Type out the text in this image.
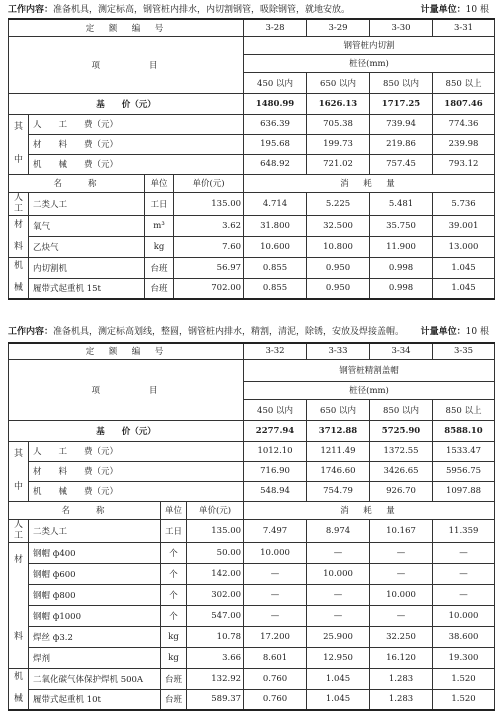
工作内容：准备机具，测定标高，钢管桩内排水，内切割钢管，吸除钢管，就地安放。	计量单位：10 根
定　额　编　号				3-28	3-29	3-30	3-31
项　　　　目				钢管桩内切割			
				桩径(mm)			
				450 以内	650 以内	850 以内	850 以上
基　　价（元）				1480.99	1626.13	1717.25	1807.46
其

中	人　　工　　费（元）			636.39	705.38	739.94	774.36
	材　　料　　费（元）			195.68	199.73	219.86	239.98
	机　　械　　费（元）			648.92	721.02	757.45	793.12
名　　称		单位	单价(元)	消　耗　量			
人
工	二类人工	工日	135.00	4.714	5.225	5.481	5.736
材

料	氧气	m³	3.62	31.800	32.500	35.750	39.001
	乙炔气	kg	7.60	10.600	10.800	11.900	13.000
机

械	内切割机	台班	56.97	0.855	0.950	0.998	1.045
	履带式起重机 15t	台班	702.00	0.855	0.950	0.998	1.045
工作内容：准备机具，测定标高划线，整圆，钢管桩内排水，精割，清泥，除锈，安放及焊接盖帽。 计量单位：10 根
定　额　编　号				3-32	3-33	3-34	3-35
项　　　　目				钢管桩精割盖帽			
				桩径(mm)			
				450 以内	650 以内	850 以内	850 以上
基　　价（元）				2277.94	3712.88	5725.90	8588.10
其

中	人　　工　　费（元）			1012.10	1211.49	1372.55	1533.47
	材　　料　　费（元）			716.90	1746.60	3426.65	5956.75
	机　　械　　费（元）			548.94	754.79	926.70	1097.88
名　　称		单位	单价(元)	消　耗　量			
人
工	二类人工	工日	135.00	7.497	8.974	10.167	11.359
材

料	钢帽 ф400	个	50.00	10.000	—	—	—
	钢帽 ф600	个	142.00	—	10.000	—	—
	钢帽 ф800	个	302.00	—	—	10.000	—
	钢帽 ф1000	个	547.00	—	—	—	10.000
	焊丝 ф3.2	kg	10.78	17.200	25.900	32.250	38.600
	焊剂	kg	3.66	8.601	12.950	16.120	19.300
机

械	二氧化碳气体保护焊机 500A	台班	132.92	0.760	1.045	1.283	1.520
	履带式起重机 10t	台班	589.37	0.760	1.045	1.283	1.520
